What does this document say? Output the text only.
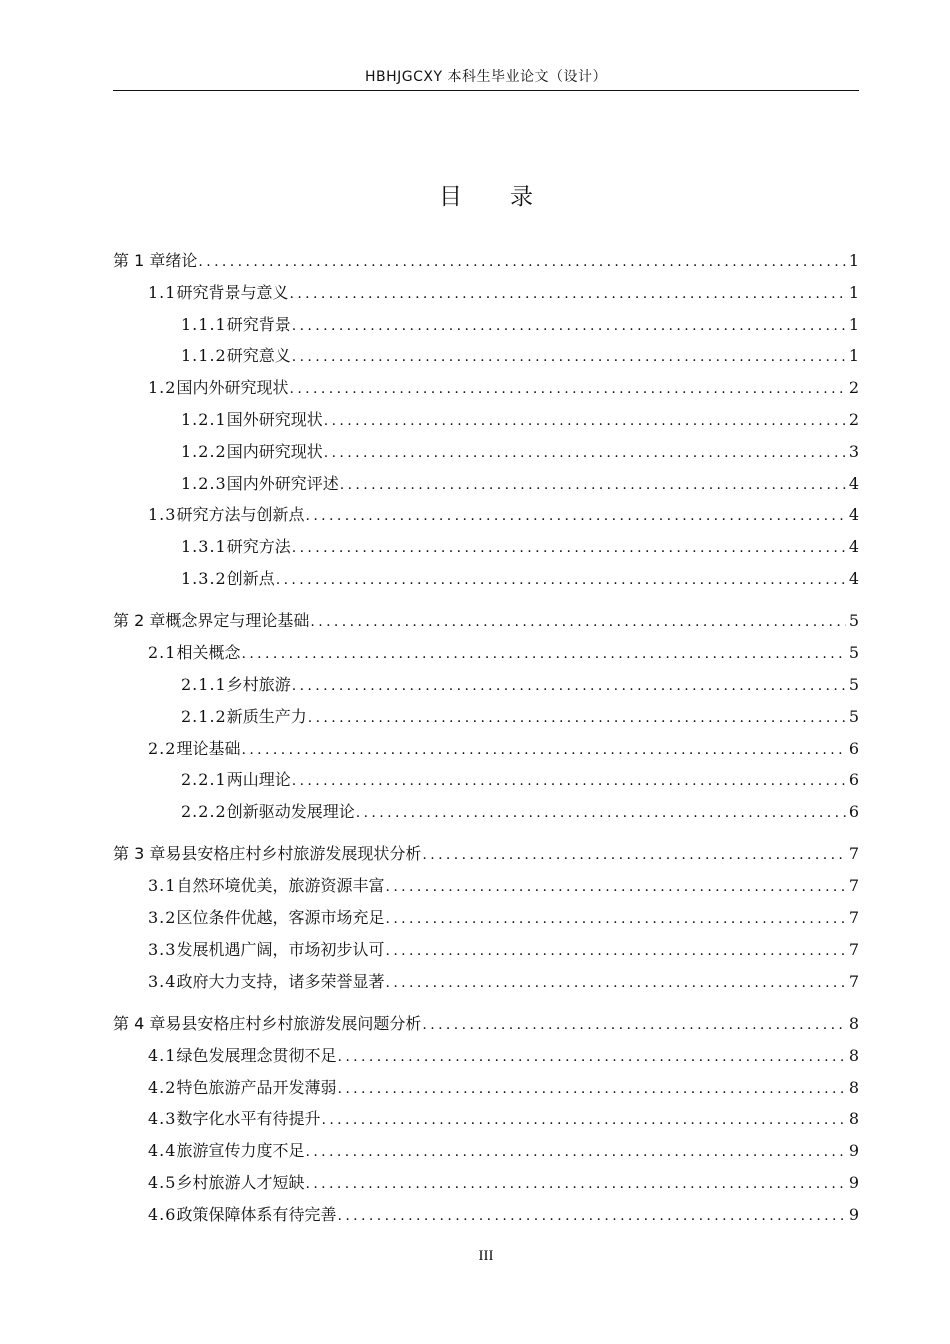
HBHJGCXY 本科生毕业论文（设计）
目录
第 1 章 绪论 .....	1
1.1 研究背景与意义 .....	1
1.1.1 研究背景 .....	1
1.1.2 研究意义 .....	1
1.2 国内外研究现状 .....	2
1.2.1 国外研究现状 .....	2
1.2.2 国内研究现状 .....	3
1.2.3 国内外研究评述 .....	4
1.3 研究方法与创新点 .....	4
1.3.1 研究方法 .....	4
1.3.2 创新点 .....	4
第 2 章 概念界定与理论基础 .....	5
2.1 相关概念 .....	5
2.1.1 乡村旅游 .....	5
2.1.2 新质生产力 .....	5
2.2 理论基础 .....	6
2.2.1 两山理论 .....	6
2.2.2 创新驱动发展理论 .....	6
第 3 章 易县安格庄村乡村旅游发展现状分析 .....	7
3.1 自然环境优美，旅游资源丰富 .....	7
3.2 区位条件优越，客源市场充足 .....	7
3.3 发展机遇广阔，市场初步认可 .....	7
3.4 政府大力支持，诸多荣誉显著 .....	7
第 4 章 易县安格庄村乡村旅游发展问题分析 .....	8
4.1 绿色发展理念贯彻不足 .....	8
4.2 特色旅游产品开发薄弱 .....	8
4.3 数字化水平有待提升 .....	8
4.4 旅游宣传力度不足 .....	9
4.5 乡村旅游人才短缺 .....	9
4.6 政策保障体系有待完善 .....	9
III
